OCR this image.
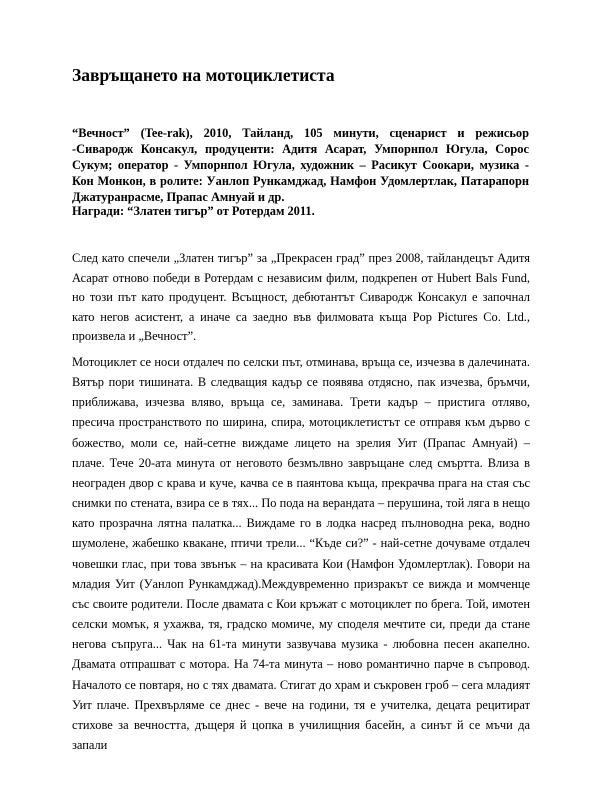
Завръщането на мотоциклетиста

“Вечност” (Tee-rak), 2010, Тайланд, 105 минути, сценарист и режисьор -Сивародж Консакул, продуценти: Адитя Асарат, Умпорнпол Югула, Сорос Сукум; оператор - Умпорнпол Югула, художник – Расикут Соокари, музика - Кон Монкон, в ролите: Уанлоп Рункамджад, Намфон Удомлертлак, Патарапорн Джатуранрасме, Прапас Амнуай и др.

Награди: “Златен тигър” от Ротердам 2011.

След като спечели „Златен тигър” за „Прекрасен град” през 2008, тайландецът Адитя Асарат отново победи в Ротердам с независим филм, подкрепен от Hubert Bals Fund, но този път като продуцент. Всъщност, дебютантът Сивародж Консакул е започнал като негов асистент, а иначе са заедно във филмовата къща Pop Pictures Co. Ltd., произвела и „Вечност”.

Мотоциклет се носи отдалеч по селски път, отминава, връща се, изчезва в далечината. Вятър пори тишината. В следващия кадър се появява отдясно, пак изчезва, бръмчи, приближава, изчезва вляво, връща се, заминава. Трети кадър – пристига отляво, пресича пространството по ширина, спира, мотоциклетистът се отправя към дърво с божество, моли се, най-сетне виждаме лицето на зрелия Уит (Прапас Амнуай) – плаче. Тече 20-ата минута от неговото безмълвно завръщане след смъртта. Влиза в неограден двор с крава и куче, качва се в паянтова къща, прекрачва прага на стая със снимки по стената, взира се в тях... По пода на верандата – перушина, той ляга в нещо като прозрачна лятна палатка... Виждаме го в лодка насред пълноводна река, водно шумолене, жабешко квакане, птичи трели... “Къде си?” - най-сетне дочуваме отдалеч човешки глас, при това звънък – на красивата Кои (Намфон Удомлертлак). Говори на младия Уит (Уанлоп Рункамджад).Междувременно призракът се вижда и момченце със своите родители. После двамата с Кои кръжат с мотоциклет по брега. Той, имотен селски момък, я ухажва, тя, градско момиче, му споделя мечтите си, преди да стане негова съпруга... Чак на 61-та минути зазвучава музика - любовна песен акапелно. Двамата отпрашват с мотора. На 74-та минута – ново романтично парче в съпровод. Началото се повтаря, но с тях двамата. Стигат до храм и съкровен гроб – сега младият Уит плаче. Прехвърляме се днес - вече на години, тя е учителка, децата рецитират стихове за вечността, дъщеря й цопка в училищния басейн, а синът й се мъчи да запали
